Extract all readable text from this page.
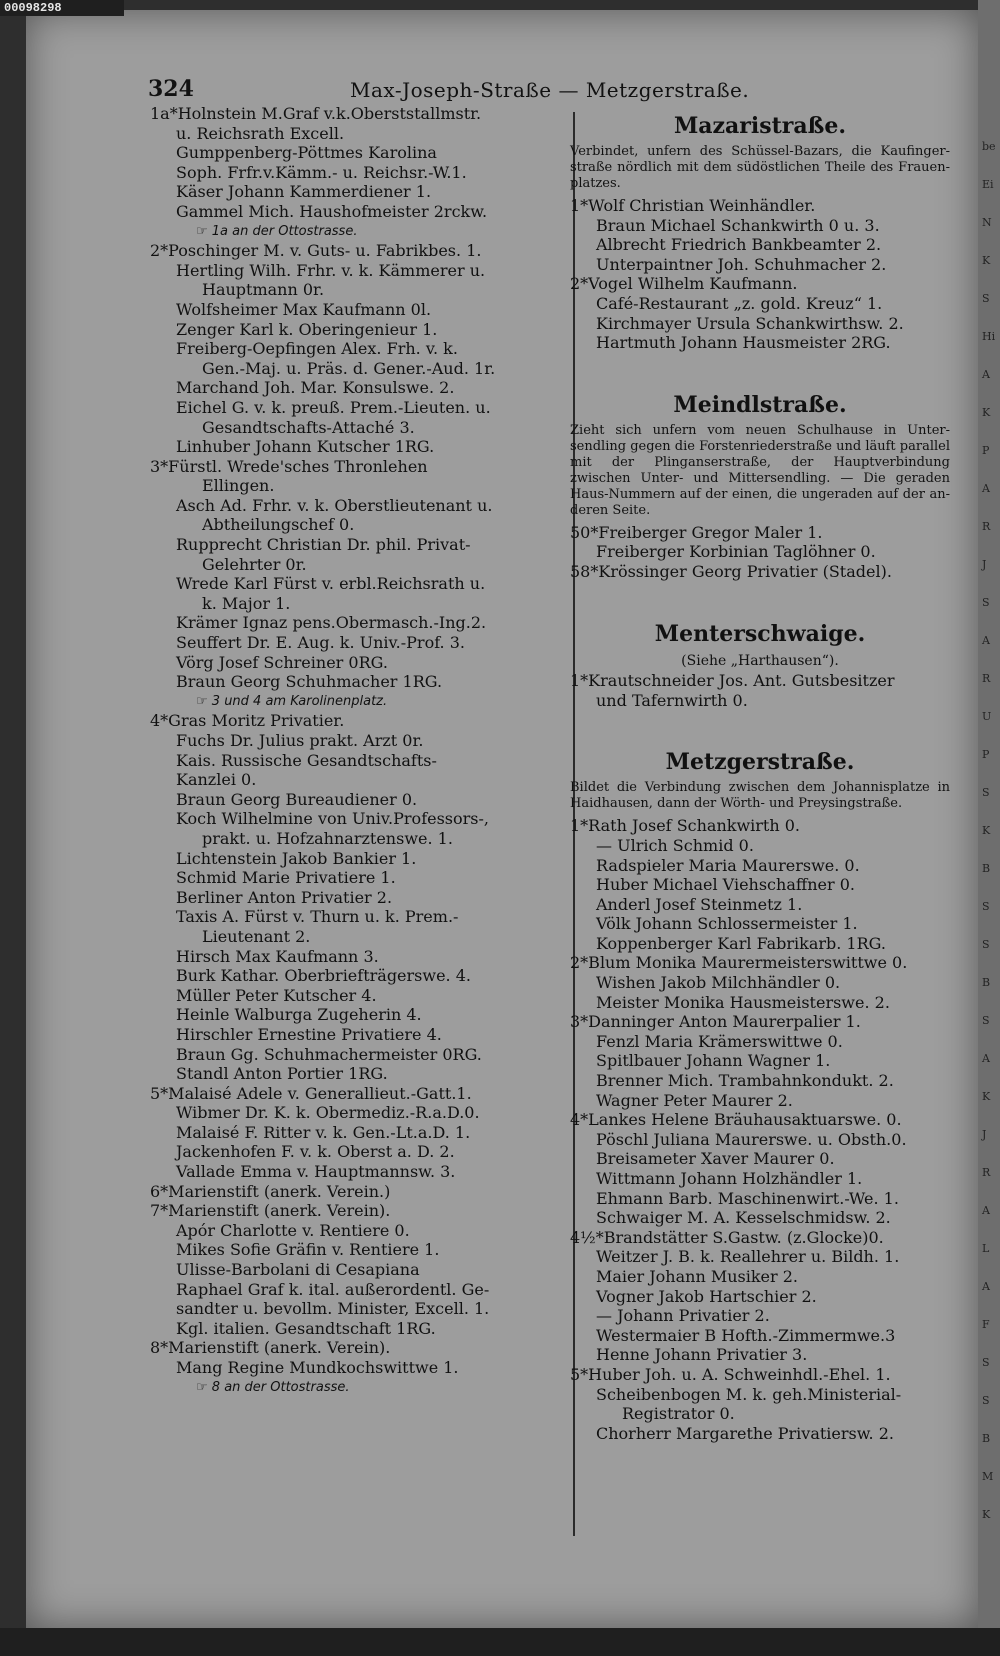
00098298
be
Ei
N
K
S
Hi
A
K
P
A
R
J
S
A
R
U
P
S
K
B
S
S
B
S
A
K
J
R
A
L
A
F
S
S
B
M
K
324	Max-Joseph-Straße — Metzgerstraße.
1a*Holnstein M.Graf v.k.Oberststallmstr.
u. Reichsrath Excell.
Gumppenberg-Pöttmes Karolina
Soph. Frfr.v.Kämm.- u. Reichsr.-W.1.
Käser Johann Kammerdiener 1.
Gammel Mich. Haushofmeister 2rckw.
☞ 1a an der Ottostrasse.
2*Poschinger M. v. Guts- u. Fabrikbes. 1.
Hertling Wilh. Frhr. v. k. Kämmerer u.
Hauptmann 0r.
Wolfsheimer Max Kaufmann 0l.
Zenger Karl k. Oberingenieur 1.
Freiberg-Oepfingen Alex. Frh. v. k.
Gen.-Maj. u. Präs. d. Gener.-Aud. 1r.
Marchand Joh. Mar. Konsulswe. 2.
Eichel G. v. k. preuß. Prem.-Lieuten. u.
Gesandtschafts-Attaché 3.
Linhuber Johann Kutscher 1RG.
3*Fürstl. Wrede'sches Thronlehen
Ellingen.
Asch Ad. Frhr. v. k. Oberstlieutenant u.
Abtheilungschef 0.
Rupprecht Christian Dr. phil. Privat-
Gelehrter 0r.
Wrede Karl Fürst v. erbl.Reichsrath u.
k. Major 1.
Krämer Ignaz pens.Obermasch.-Ing.2.
Seuffert Dr. E. Aug. k. Univ.-Prof. 3.
Vörg Josef Schreiner 0RG.
Braun Georg Schuhmacher 1RG.
☞ 3 und 4 am Karolinenplatz.
4*Gras Moritz Privatier.
Fuchs Dr. Julius prakt. Arzt 0r.
Kais. Russische Gesandtschafts-
Kanzlei 0.
Braun Georg Bureaudiener 0.
Koch Wilhelmine von Univ.Professors-,
prakt. u. Hofzahnarztenswe. 1.
Lichtenstein Jakob Bankier 1.
Schmid Marie Privatiere 1.
Berliner Anton Privatier 2.
Taxis A. Fürst v. Thurn u. k. Prem.-
Lieutenant 2.
Hirsch Max Kaufmann 3.
Burk Kathar. Oberbriefträgerswe. 4.
Müller Peter Kutscher 4.
Heinle Walburga Zugeherin 4.
Hirschler Ernestine Privatiere 4.
Braun Gg. Schuhmachermeister 0RG.
Standl Anton Portier 1RG.
5*Malaisé Adele v. Generallieut.-Gatt.1.
Wibmer Dr. K. k. Obermediz.-R.a.D.0.
Malaisé F. Ritter v. k. Gen.-Lt.a.D. 1.
Jackenhofen F. v. k. Oberst a. D. 2.
Vallade Emma v. Hauptmannsw. 3.
6*Marienstift (anerk. Verein.)
7*Marienstift (anerk. Verein).
Apór Charlotte v. Rentiere 0.
Mikes Sofie Gräfin v. Rentiere 1.
Ulisse-Barbolani di Cesapiana
Raphael Graf k. ital. außerordentl. Ge-
sandter u. bevollm. Minister, Excell. 1.
Kgl. italien. Gesandtschaft 1RG.
8*Marienstift (anerk. Verein).
Mang Regine Mundkochswittwe 1.
☞ 8 an der Ottostrasse.
Mazaristraße.
Verbindet, unfern des Schüssel-Bazars, die Kaufinger-straße nördlich mit dem südöstlichen Theile des Frauen-platzes.
1*Wolf Christian Weinhändler.
Braun Michael Schankwirth 0 u. 3.
Albrecht Friedrich Bankbeamter 2.
Unterpaintner Joh. Schuhmacher 2.
2*Vogel Wilhelm Kaufmann.
Café-Restaurant „z. gold. Kreuz“ 1.
Kirchmayer Ursula Schankwirthsw. 2.
Hartmuth Johann Hausmeister 2RG.
Meindlstraße.
Zieht sich unfern vom neuen Schulhause in Unter-sendling gegen die Forstenriederstraße und läuft parallel mit der Plinganserstraße, der Hauptverbindung zwischen Unter- und Mittersendling. — Die geraden Haus-Nummern auf der einen, die ungeraden auf der an-deren Seite.
50*Freiberger Gregor Maler 1.
Freiberger Korbinian Taglöhner 0.
58*Krössinger Georg Privatier (Stadel).
Menterschwaige.
(Siehe „Harthausen“).
1*Krautschneider Jos. Ant. Gutsbesitzer
und Tafernwirth 0.
Metzgerstraße.
Bildet die Verbindung zwischen dem Johannisplatze in Haidhausen, dann der Wörth- und Preysingstraße.
1*Rath Josef Schankwirth 0.
— Ulrich Schmid 0.
Radspieler Maria Maurerswe. 0.
Huber Michael Viehschaffner 0.
Anderl Josef Steinmetz 1.
Völk Johann Schlossermeister 1.
Koppenberger Karl Fabrikarb. 1RG.
2*Blum Monika Maurermeisterswittwe 0.
Wishen Jakob Milchhändler 0.
Meister Monika Hausmeisterswe. 2.
3*Danninger Anton Maurerpalier 1.
Fenzl Maria Krämerswittwe 0.
Spitlbauer Johann Wagner 1.
Brenner Mich. Trambahnkondukt. 2.
Wagner Peter Maurer 2.
4*Lankes Helene Bräuhausaktuarswe. 0.
Pöschl Juliana Maurerswe. u. Obsth.0.
Breisameter Xaver Maurer 0.
Wittmann Johann Holzhändler 1.
Ehmann Barb. Maschinenwirt.-We. 1.
Schwaiger M. A. Kesselschmidsw. 2.
4½*Brandstätter S.Gastw. (z.Glocke)0.
Weitzer J. B. k. Reallehrer u. Bildh. 1.
Maier Johann Musiker 2.
Vogner Jakob Hartschier 2.
— Johann Privatier 2.
Westermaier B Hofth.-Zimmermwe.3
Henne Johann Privatier 3.
5*Huber Joh. u. A. Schweinhdl.-Ehel. 1.
Scheibenbogen M. k. geh.Ministerial-
Registrator 0.
Chorherr Margarethe Privatiersw. 2.
